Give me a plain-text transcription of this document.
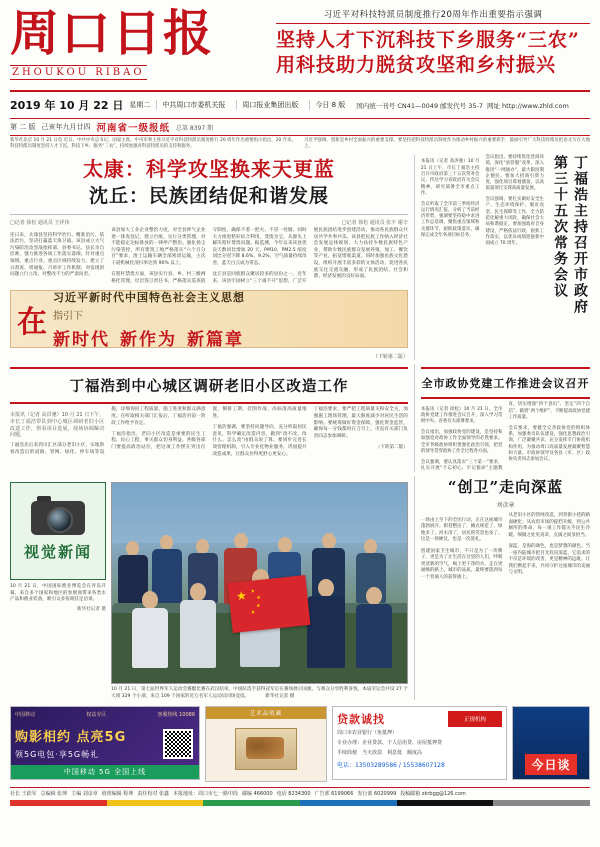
周口日报
ZHOUKOU RIBAO
习近平对科技特派员制度推行20周年作出重要指示强调
坚持人才下沉科技下乡服务“三农”
用科技助力脱贫攻坚和乡村振兴
2019 年 10 月 22 日 星期二	中共周口市委机关报	周口报业集团出版	今日 8 版	国内统一刊号 CN41—0049 邮发代号 35-7 网址 http://www.zhld.com
第 二 版 己亥年九月廿四 河南省一级报纸 总第 8397 期
新华社北京 10 月 21 日电 近日，中共中央总书记、国家主席、中央军委主席习近平对科技特派员制度推行 20 周年作出重要指示指出，20 年来，科技特派员制度坚持人才下沉、科技下乡、服务“三农”，持续加强对科技特派员的支持和服务。
习近平强调，创新是乡村全面振兴的重要支撑。要坚持把科技特派员制度作为推动乡村振兴的重要抓手，鼓励引导广大科技特派员把论文写在大地上。
太康：科学攻坚换来天更蓝
沈丘：民族团结促和谐发展
□记者 徐松 通讯员 王祥伟	□记者 徐松 通讯员 张丰 谢辛

连日来，太康县坚持科学治污、精准治污、依法治污，坚决打赢蓝天保卫战。该县成立大气污染防治攻坚战指挥部，县委书记、县长亲自挂帅，强力推进各项工作落实落细。针对重点领域、重点行业、重点区域持续发力，建立了日督查、周通报、月讲评工作机制，对发现的问题立行立改，对整改不力的严肃问责。

该县加大工业企业整治力度，对全县涉气企业逐一排查登记，建立台账，实行分类管理，对不能稳定达标排放的一律停产整治。强化扬尘污染管控，所有建筑工地严格落实“六个百分百”要求，渣土运输车辆全部密闭运输，主次干道机械化清扫率达到 90% 以上。

在秸秆禁烧方面，该县实行县、乡、村三级网格化管理，层层签订责任书，严格落实巡查值守制度，确保不着一把火、不冒一处烟。同时大力推进秸秆综合利用，变废为宝，从源头上解决秸秆焚烧问题。据监测，今年以来该县优良天数同比增加 20 天，PM10、PM2.5 浓度同比分别下降 8.6%、9.2%，空气质量持续改善，蓝天白云成为常态。

沈丘县是回族群众聚居较多的县份之一。近年来，该县牢固树立“三个离不开”思想，广泛开展民族团结进步创建活动，推动各民族群众共居共学共事共乐。该县把民族工作纳入经济社会发展总体规划，大力扶持少数民族特色产业，帮助少数民族群众发展养殖、加工、餐饮等产业，拓宽增收渠道。同时加强民族文化建设，组织开展丰富多彩的文体活动，促进各民族交往交流交融，形成了民族团结、社会和谐、经济发展的良好局面。

在
习近平新时代中国特色社会主义思想
指引下
新时代 新作为 新篇章
（下转第二版）
丁福浩主持召开市政府第三十五次常务会议

本报讯（记者 高洪驰）10 月 21 日上午，市长丁福浩主持召开市政府第三十五次常务会议，传达学习省政府有关会议精神，研究部署全市重点工作。

会议听取了全市前三季度经济运行情况汇报，分析了当前经济形势，强调要坚持稳中求进工作总基调，聚焦重点领域和关键环节，狠抓政策落实，确保完成全年各项目标任务。

会议指出，要持续优化营商环境，深化“放管服”改革，深入推进“一网通办”，最大限度利企便民。要加大招商引资力度，强化项目谋划储备，以高质量项目支撑高质量发展。

会议强调，要扎实做好安全生产、生态环境保护、脱贫攻坚、民生保障等工作，全力防范化解重大风险，确保社会大局和谐稳定。要加强政府自身建设，严格依法行政，狠抓工作落实，以优异成绩迎接新中国成立 70 周年。

丁福浩到中心城区调研老旧小区改造工作

本报讯（记者 高洪驰）10 月 21 日下午，市长丁福浩带队到中心城区调研老旧小区改造工作，察看项目进展，现场协调解决问题。

丁福浩先后来到川汇区部分老旧小区，实地察看改造后的道路、管网、绿化、停车场等设施，详细询问工程质量、施工进度和群众满意度。在听取相关部门汇报后，丁福浩对前一阶段工作给予肯定。

丁福浩指出，老旧小区改造是重要的民生工程、民心工程，事关群众切身利益。各级各部门要提高政治站位，把这项工作摆在突出位置，倒排工期、挂图作战，高标准高质量推进。

丁福浩强调，要坚持问题导向，充分听取居民意见，科学确定改造内容，做到“改不改、改什么、怎么改”由群众说了算。要同步完善长效管理机制，引入专业化物业服务，巩固提升改造成果，让群众住得更舒心更安心。

丁福浩要求，要严把工程质量关和安全关，加强施工现场管理，最大限度减少对居民生活的影响。要统筹做好资金保障，强化资金监管，确保每一分钱都用在刀刃上。市直有关部门负责同志参加调研。

（下转第二版）

全市政协党建工作推进会议召开

本报讯（记者 徐松）10 月 21 日，全市政协党建工作推进会议召开，深入学习贯彻中央、省委有关部署要求。

会议指出，加强政协党的建设，是坚持和加强党对政协工作全面领导的必然要求。全市各级政协组织要强化政治引领，把党的领导贯穿政协工作全过程各方面。

会议强调，要认真落实“三个第一”要求，扎实开展“不忘初心、牢记使命”主题教育，切实增强“四个意识”、坚定“四个自信”、做到“两个维护”，不断提高政协党建工作质量。

会议要求，要健全完善政协党的组织体系，加强委员队伍建设，强化思想政治引领，广泛凝聚共识，充分发挥专门协商机构作用，为推动周口高质量发展凝聚智慧和力量。市政协领导及各县（市、区）政协负责同志参加会议。

视觉新闻
10 月 21 日，中国国际渔业博览会在青岛开幕，来自多个国家和地区的参展商带来各类水产品和渔业装备，吸引众多客商驻足洽谈。
新华社记者 摄
★ ★
★
★
★
10 月 21 日，第七届世界军人运动会赛艇比赛在武汉结束，中国队选手获得冠军后在赛场展示国旗，与观众分享胜利喜悦。本届军运会共设 27 个大项 329 个小项，来自 109 个国家的近万名军人运动员同场竞技。　　　　新华社记者 摄
“创卫”走向深蓝
刘彦章

一场由上至下的全民行动，正在这座城市蓬勃展开。街巷整洁了，摊点规范了，绿地多了，河水清了，居民的笑容也多了。这是一场硬仗，也是一次洗礼。

创建国家卫生城市，不只是为了一块牌子，更是为了让生活在这里的人们，呼吸更清新的空气，喝上更干净的水，走在更通畅的路上。城市的品质，最终要落到每一个普通人的获得感上。

从老旧小区的管网改造，到背街小巷的路面硬化；从农贸市场的提档升级，到公共厕所的革命，每一项工作都关乎民生冷暖。细微之处见真章，点滴之间显担当。

深蓝，是海的颜色，也是梦想的颜色。当一座内陆城市把目光投向深蓝，它追求的不仅是环境的改善，更是精神的远航。让我们携起手来，共同守护这座城市的美丽与文明。

中国移动	权益专区	客服热线 10086
购影相约 点亮5G
领5G电包·享5G畅礼
中国移动 5G 全国上线
艺术品收藏
正规机构
贷款诚找
周口市农业银行（免抵押）
专业办理：企业贷款、个人信用贷、房屋抵押贷
手续简便　当天放款　利息低　额度高
电话：13503289586 / 15538607128	今日谈
社长 王跃军 总编辑 张坤 主编 刘彦章 值班编辑 程坤 责任校对 张鑫 本报地址：周口市七一路中段 邮编 466000 电话 8234300 广告部 6199066 发行部 6020999 投稿邮箱 zkrbgg@126.com
